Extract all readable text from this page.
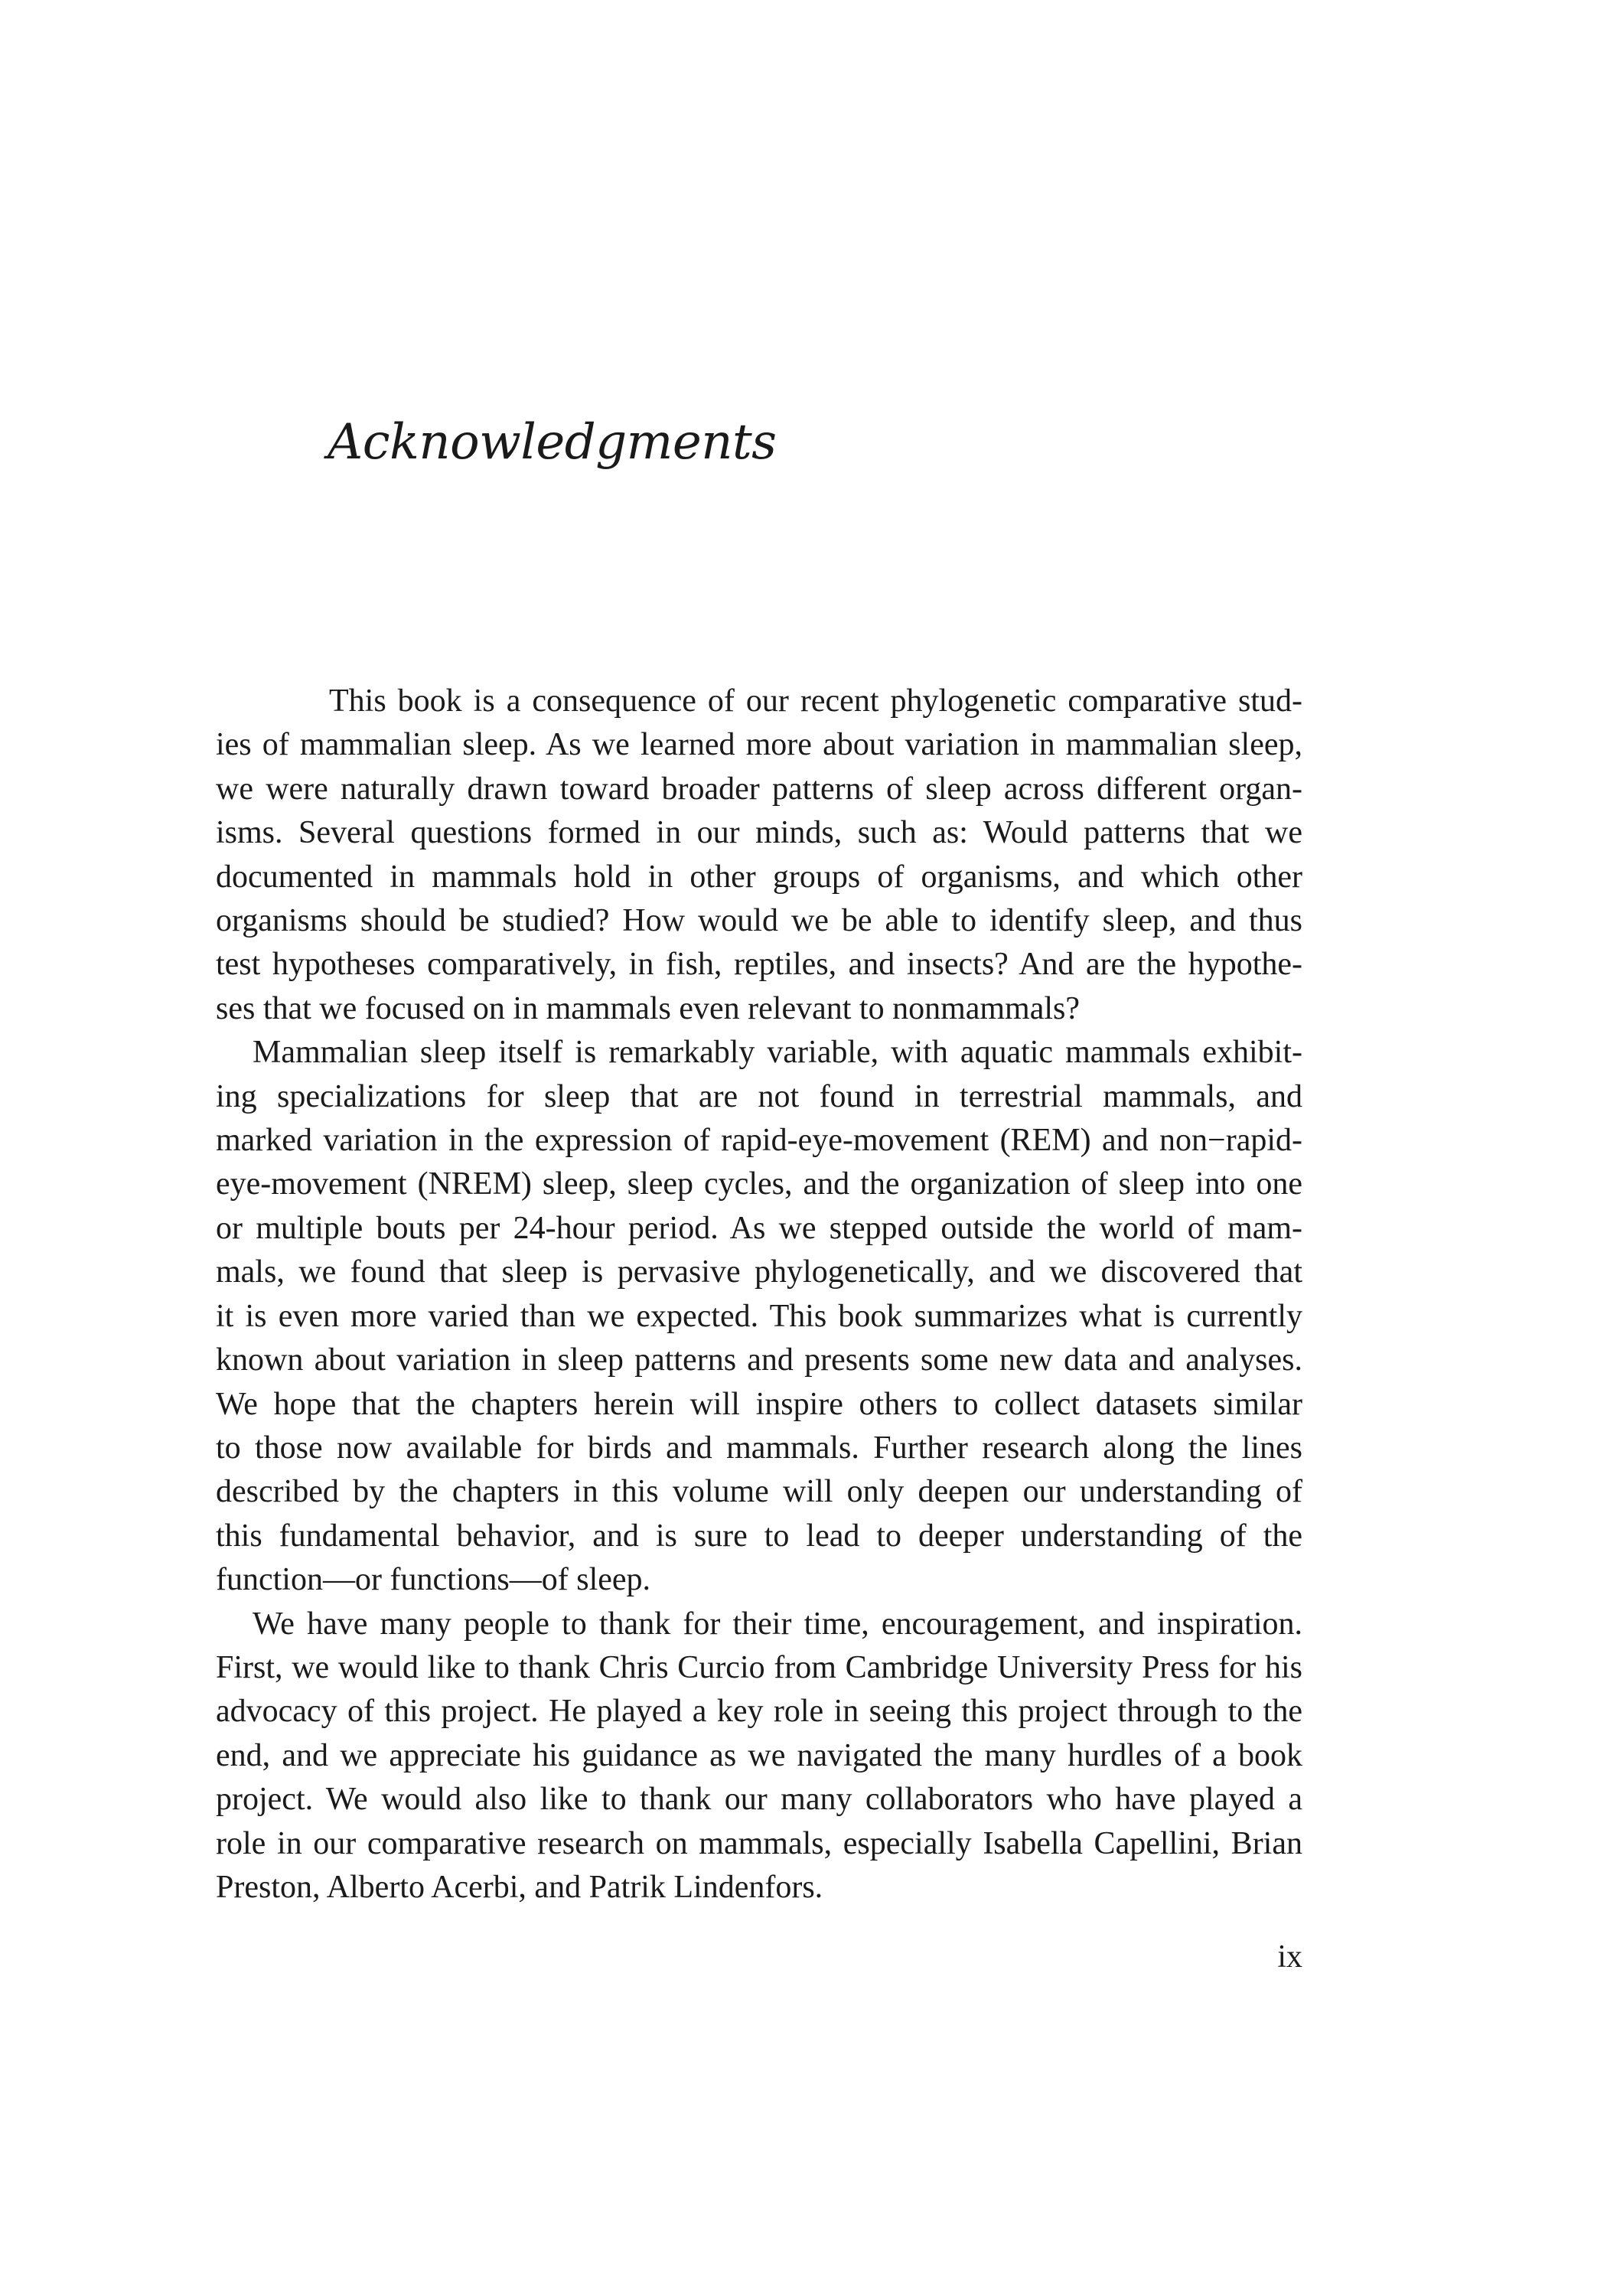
Acknowledgments
This book is a consequence of our recent phylogenetic comparative stud-
ies of mammalian sleep. As we learned more about variation in mammalian sleep,
we were naturally drawn toward broader patterns of sleep across different organ-
isms. Several questions formed in our minds, such as: Would patterns that we
documented in mammals hold in other groups of organisms, and which other
organisms should be studied? How would we be able to identify sleep, and thus
test hypotheses comparatively, in fish, reptiles, and insects? And are the hypothe-
ses that we focused on in mammals even relevant to nonmammals?
Mammalian sleep itself is remarkably variable, with aquatic mammals exhibit-
ing specializations for sleep that are not found in terrestrial mammals, and
marked variation in the expression of rapid-eye-movement (REM) and non−rapid-
eye-movement (NREM) sleep, sleep cycles, and the organization of sleep into one
or multiple bouts per 24-hour period. As we stepped outside the world of mam-
mals, we found that sleep is pervasive phylogenetically, and we discovered that
it is even more varied than we expected. This book summarizes what is currently
known about variation in sleep patterns and presents some new data and analyses.
We hope that the chapters herein will inspire others to collect datasets similar
to those now available for birds and mammals. Further research along the lines
described by the chapters in this volume will only deepen our understanding of
this fundamental behavior, and is sure to lead to deeper understanding of the
function—or functions—of sleep.
We have many people to thank for their time, encouragement, and inspiration.
First, we would like to thank Chris Curcio from Cambridge University Press for his
advocacy of this project. He played a key role in seeing this project through to the
end, and we appreciate his guidance as we navigated the many hurdles of a book
project. We would also like to thank our many collaborators who have played a
role in our comparative research on mammals, especially Isabella Capellini, Brian
Preston, Alberto Acerbi, and Patrik Lindenfors.
ix
